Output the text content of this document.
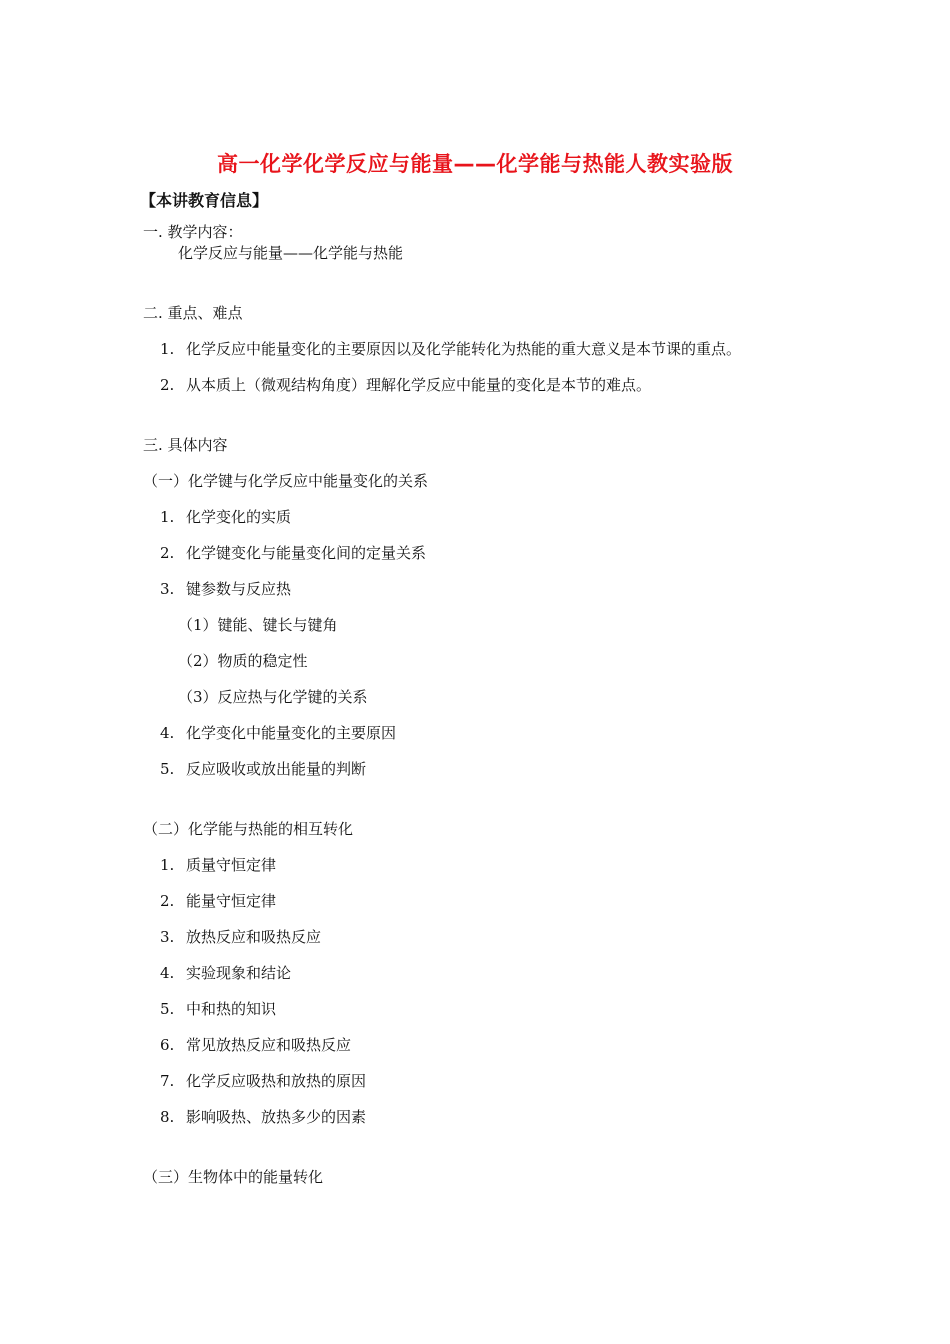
高一化学化学反应与能量——化学能与热能人教实验版
【本讲教育信息】
一. 教学内容：
化学反应与能量——化学能与热能
二. 重点、难点
1. 化学反应中能量变化的主要原因以及化学能转化为热能的重大意义是本节课的重点。
2. 从本质上（微观结构角度）理解化学反应中能量的变化是本节的难点。
三. 具体内容
（一）化学键与化学反应中能量变化的关系
1. 化学变化的实质
2. 化学键变化与能量变化间的定量关系
3. 键参数与反应热
（1）键能、键长与键角
（2）物质的稳定性
（3）反应热与化学键的关系
4. 化学变化中能量变化的主要原因
5. 反应吸收或放出能量的判断
（二）化学能与热能的相互转化
1. 质量守恒定律
2. 能量守恒定律
3. 放热反应和吸热反应
4. 实验现象和结论
5. 中和热的知识
6. 常见放热反应和吸热反应
7. 化学反应吸热和放热的原因
8. 影响吸热、放热多少的因素
（三）生物体中的能量转化
